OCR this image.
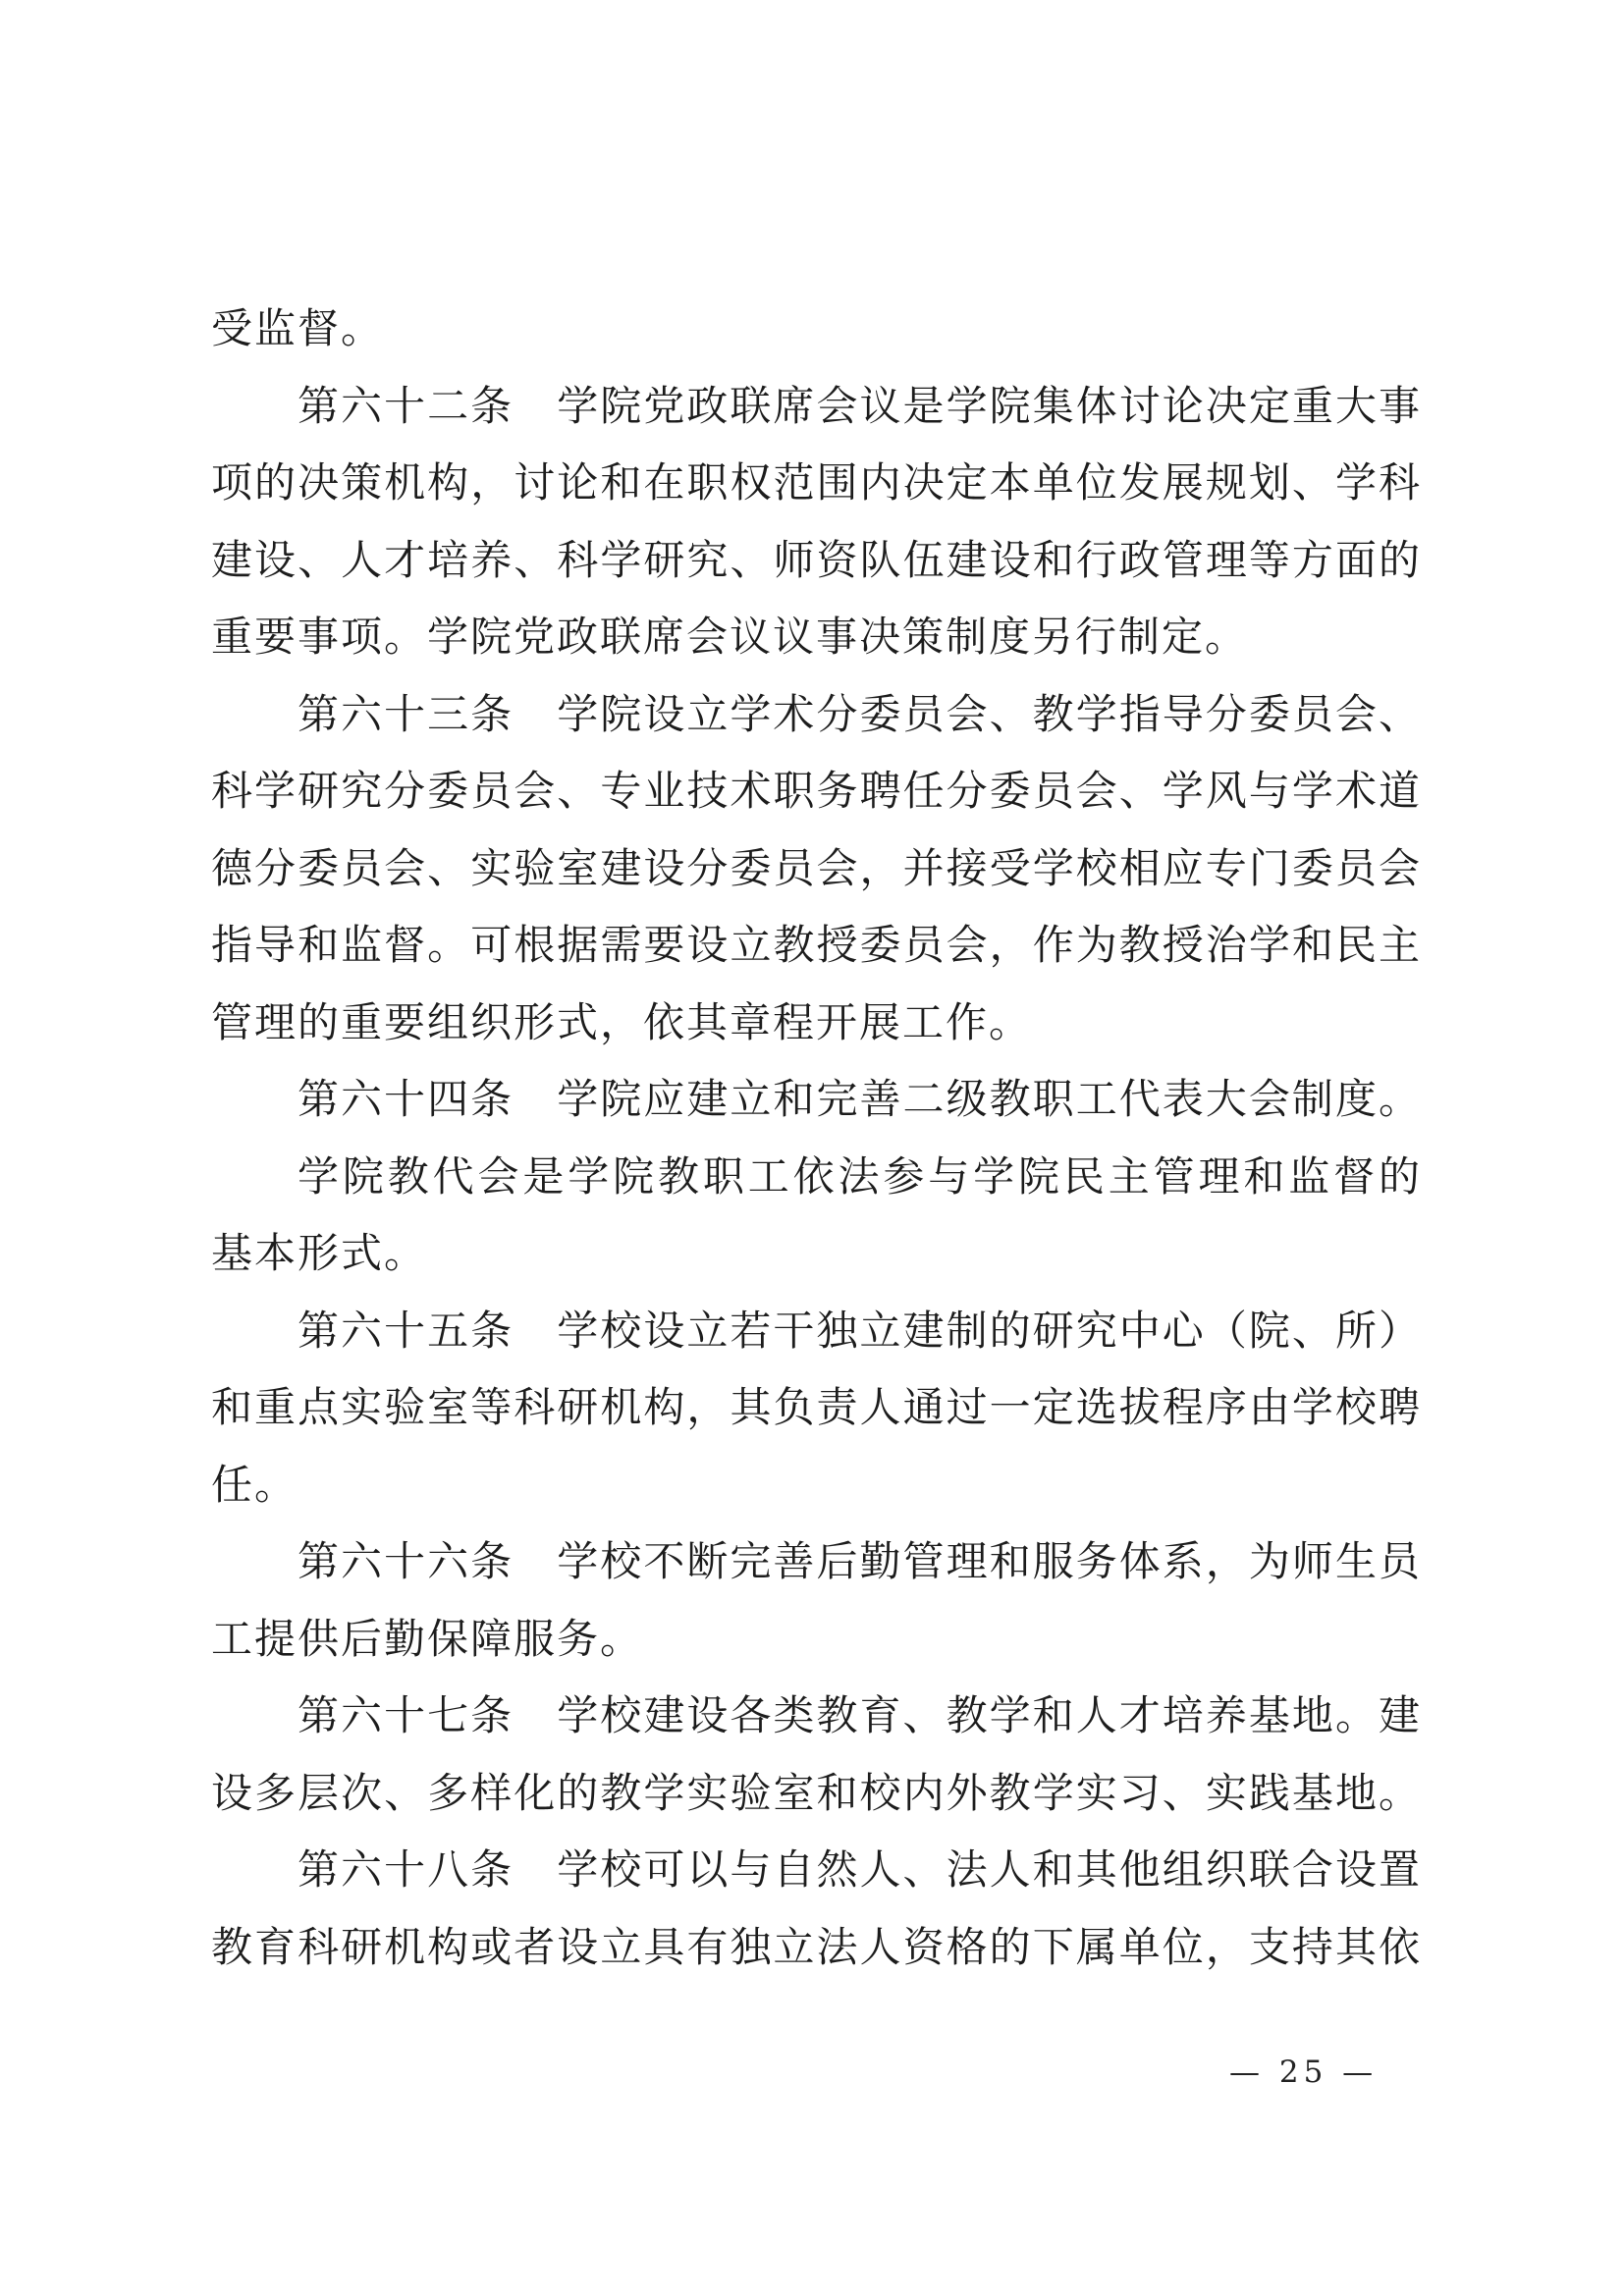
受监督。
第六十二条　学院党政联席会议是学院集体讨论决定重大事
项的决策机构，讨论和在职权范围内决定本单位发展规划、学科
建设、人才培养、科学研究、师资队伍建设和行政管理等方面的
重要事项。学院党政联席会议议事决策制度另行制定。
第六十三条　学院设立学术分委员会、教学指导分委员会、
科学研究分委员会、专业技术职务聘任分委员会、学风与学术道
德分委员会、实验室建设分委员会，并接受学校相应专门委员会
指导和监督。可根据需要设立教授委员会，作为教授治学和民主
管理的重要组织形式，依其章程开展工作。
第六十四条　学院应建立和完善二级教职工代表大会制度。
学院教代会是学院教职工依法参与学院民主管理和监督的
基本形式。
第六十五条　学校设立若干独立建制的研究中心（院、所）
和重点实验室等科研机构，其负责人通过一定选拔程序由学校聘
任。
第六十六条　学校不断完善后勤管理和服务体系，为师生员
工提供后勤保障服务。
第六十七条　学校建设各类教育、教学和人才培养基地。建
设多层次、多样化的教学实验室和校内外教学实习、实践基地。
第六十八条　学校可以与自然人、法人和其他组织联合设置
教育科研机构或者设立具有独立法人资格的下属单位，支持其依
— 25 —
